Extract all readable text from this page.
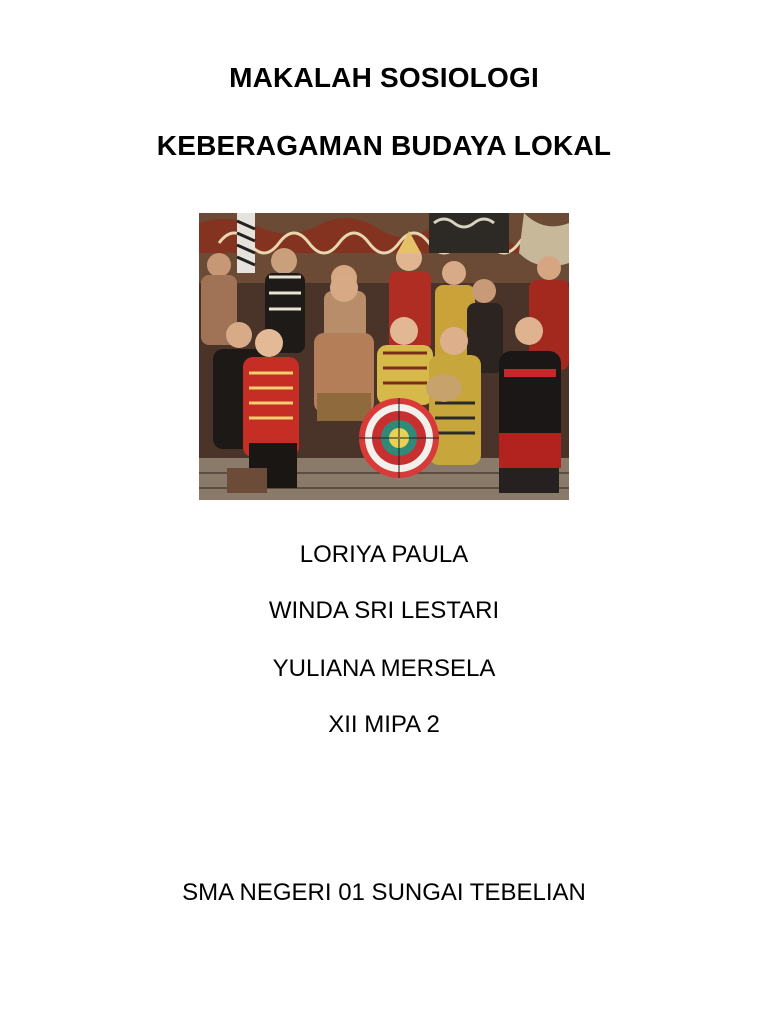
MAKALAH SOSIOLOGI
KEBERAGAMAN BUDAYA LOKAL
LORIYA PAULA
WINDA SRI LESTARI
YULIANA MERSELA
XII MIPA 2
SMA NEGERI 01 SUNGAI TEBELIAN
